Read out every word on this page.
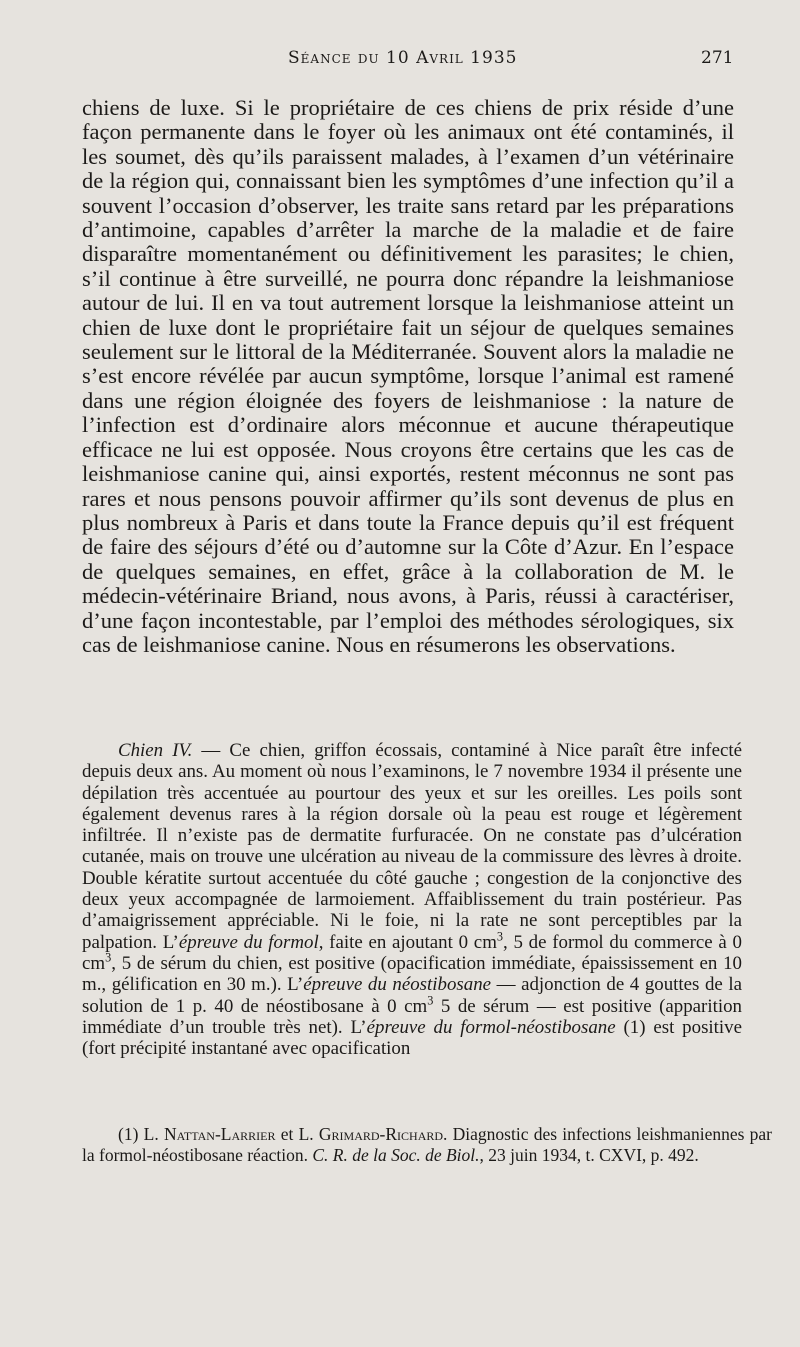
Séance du 10 Avril 1935	271

chiens de luxe. Si le propriétaire de ces chiens de prix réside d’une façon permanente dans le foyer où les animaux ont été contaminés, il les soumet, dès qu’ils paraissent malades, à l’examen d’un vétérinaire de la région qui, connaissant bien les symptômes d’une infection qu’il a souvent l’occasion d’observer, les traite sans retard par les préparations d’antimoine, capables d’arrêter la marche de la maladie et de faire disparaître momentanément ou définitivement les parasites; le chien, s’il continue à être surveillé, ne pourra donc répandre la leishmaniose autour de lui. Il en va tout autrement lorsque la leishmaniose atteint un chien de luxe dont le propriétaire fait un séjour de quelques semaines seulement sur le littoral de la Méditerranée. Souvent alors la maladie ne s’est encore révélée par aucun symptôme, lorsque l’animal est ramené dans une région éloignée des foyers de leishmaniose : la nature de l’infection est d’ordinaire alors méconnue et aucune thérapeutique efficace ne lui est opposée. Nous croyons être certains que les cas de leishmaniose canine qui, ainsi exportés, restent méconnus ne sont pas rares et nous pensons pouvoir affirmer qu’ils sont devenus de plus en plus nombreux à Paris et dans toute la France depuis qu’il est fréquent de faire des séjours d’été ou d’automne sur la Côte d’Azur. En l’espace de quelques semaines, en effet, grâce à la collaboration de M. le médecin-vétérinaire Briand, nous avons, à Paris, réussi à caractériser, d’une façon incontestable, par l’emploi des méthodes sérologiques, six cas de leishmaniose canine. Nous en résumerons les observations.

Chien IV. — Ce chien, griffon écossais, contaminé à Nice paraît être infecté depuis deux ans. Au moment où nous l’examinons, le 7 novembre 1934 il présente une dépilation très accentuée au pourtour des yeux et sur les oreilles. Les poils sont également devenus rares à la région dorsale où la peau est rouge et légèrement infiltrée. Il n’existe pas de dermatite furfuracée. On ne constate pas d’ulcération cutanée, mais on trouve une ulcération au niveau de la commissure des lèvres à droite. Double kératite surtout accentuée du côté gauche ; congestion de la conjonctive des deux yeux accompagnée de larmoiement. Affaiblissement du train postérieur. Pas d’amaigrissement appréciable. Ni le foie, ni la rate ne sont perceptibles par la palpation. L’épreuve du formol, faite en ajoutant 0 $cm^3$, 5 de formol du commerce à 0 $cm^3$, 5 de sérum du chien, est positive (opacification immédiate, épaississement en 10 m., gélification en 30 m.). L’épreuve du néostibosane — adjonction de 4 gouttes de la solution de 1 p. 40 de néostibosane à 0 $cm^3$ 5 de sérum — est positive (apparition immédiate d’un trouble très net). L’épreuve du formol-néostibosane (1) est positive (fort précipité instantané avec opacification

(1) L. Nattan-Larrier et L. Grimard-Richard. Diagnostic des infections leishmaniennes par la formol-néostibosane réaction. C. R. de la Soc. de Biol., 23 juin 1934, t. CXVI, p. 492.
